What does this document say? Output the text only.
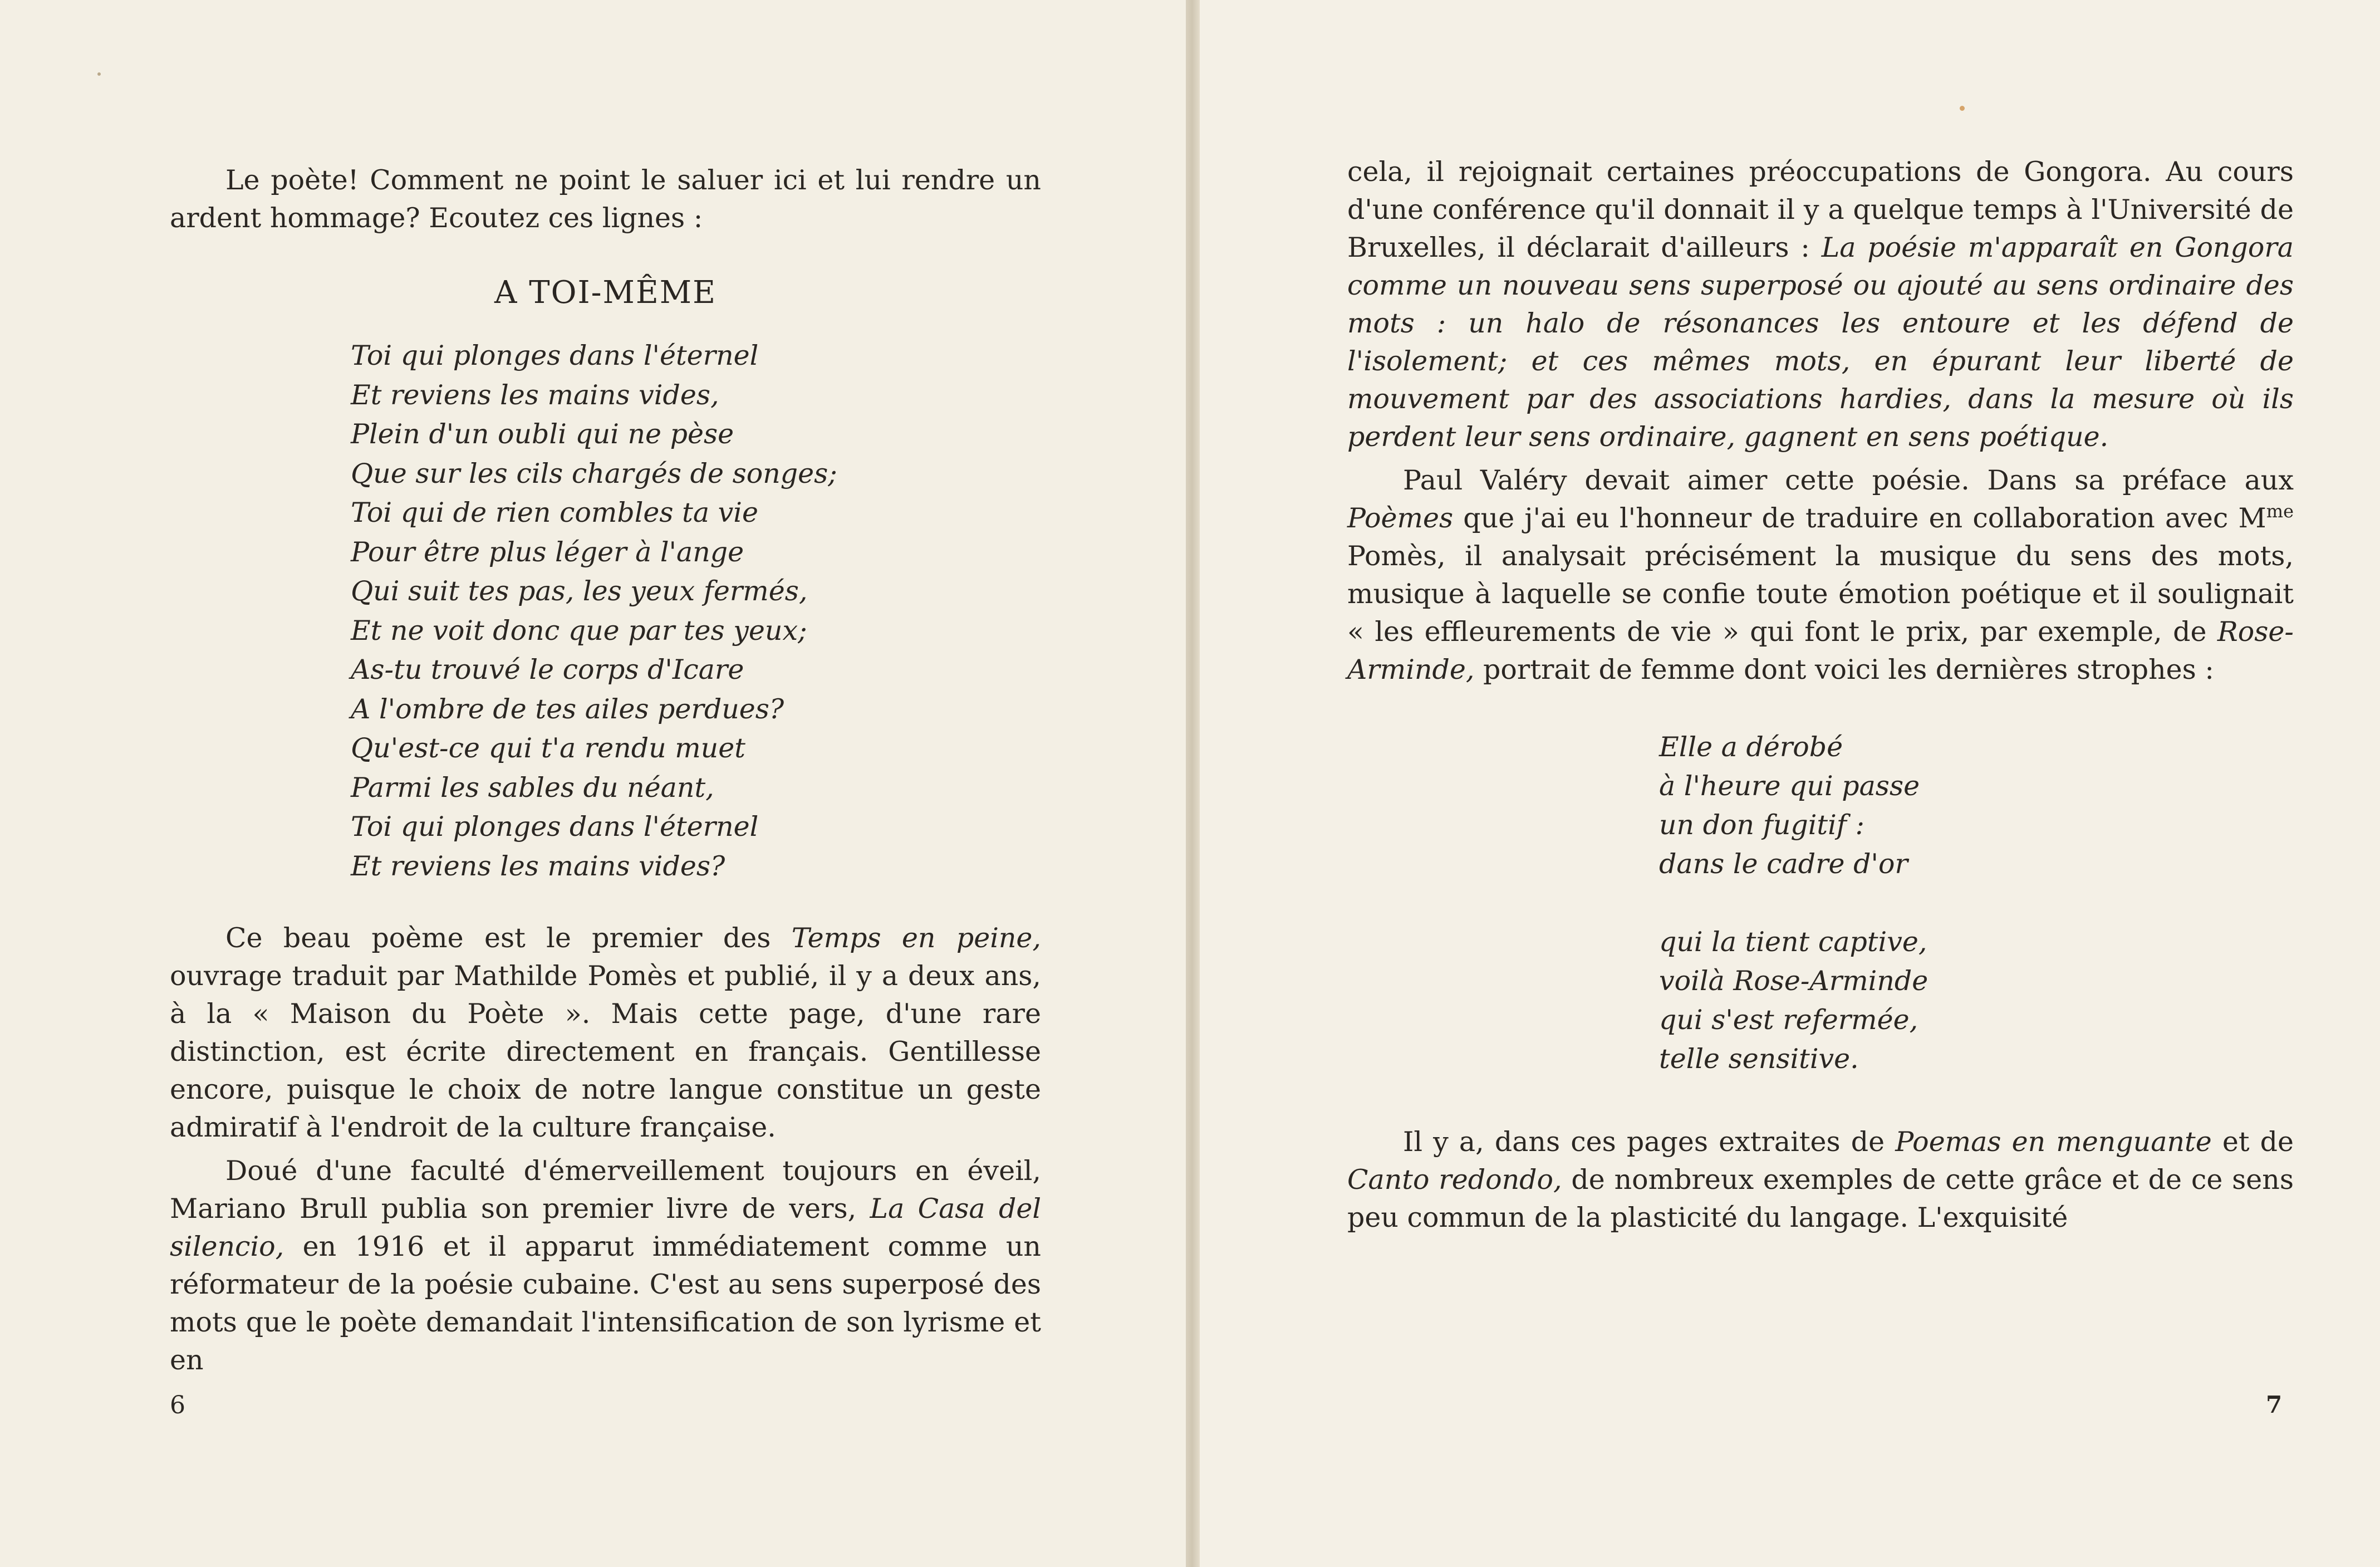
Le poète! Comment ne point le saluer ici et lui rendre un ardent hommage? Ecoutez ces lignes :

A TOI-MÊME
Toi qui plonges dans l'éternel
Et reviens les mains vides,
Plein d'un oubli qui ne pèse
Que sur les cils chargés de songes;
Toi qui de rien combles ta vie
Pour être plus léger à l'ange
Qui suit tes pas, les yeux fermés,
Et ne voit donc que par tes yeux;
As-tu trouvé le corps d'Icare
A l'ombre de tes ailes perdues?
Qu'est-ce qui t'a rendu muet
Parmi les sables du néant,
Toi qui plonges dans l'éternel
Et reviens les mains vides?

Ce beau poème est le premier des Temps en peine, ouvrage traduit par Mathilde Pomès et publié, il y a deux ans, à la « Maison du Poète ». Mais cette page, d'une rare distinction, est écrite directement en français. Gentillesse encore, puisque le choix de notre langue constitue un geste admiratif à l'endroit de la culture française.

Doué d'une faculté d'émerveillement toujours en éveil, Mariano Brull publia son premier livre de vers, La Casa del silencio, en 1916 et il apparut immédiatement comme un réformateur de la poésie cubaine. C'est au sens superposé des mots que le poète demandait l'intensification de son lyrisme et en

6

cela, il rejoignait certaines préoccupations de Gongora. Au cours d'une conférence qu'il donnait il y a quelque temps à l'Université de Bruxelles, il déclarait d'ailleurs : La poésie m'apparaît en Gongora comme un nouveau sens superposé ou ajouté au sens ordinaire des mots : un halo de résonances les entoure et les défend de l'isolement; et ces mêmes mots, en épurant leur liberté de mouvement par des associations hardies, dans la mesure où ils perdent leur sens ordinaire, gagnent en sens poétique.

Paul Valéry devait aimer cette poésie. Dans sa préface aux Poèmes que j'ai eu l'honneur de traduire en collaboration avec $M^{me}$ Pomès, il analysait précisément la musique du sens des mots, musique à laquelle se confie toute émotion poétique et il soulignait « les effleurements de vie » qui font le prix, par exemple, de Rose-Arminde, portrait de femme dont voici les dernières strophes :

Elle a dérobé
à l'heure qui passe
un don fugitif :
dans le cadre d'or
qui la tient captive,
voilà Rose-Arminde
qui s'est refermée,
telle sensitive.

Il y a, dans ces pages extraites de Poemas en menguante et de Canto redondo, de nombreux exemples de cette grâce et de ce sens peu commun de la plasticité du langage. L'exquisité

7
